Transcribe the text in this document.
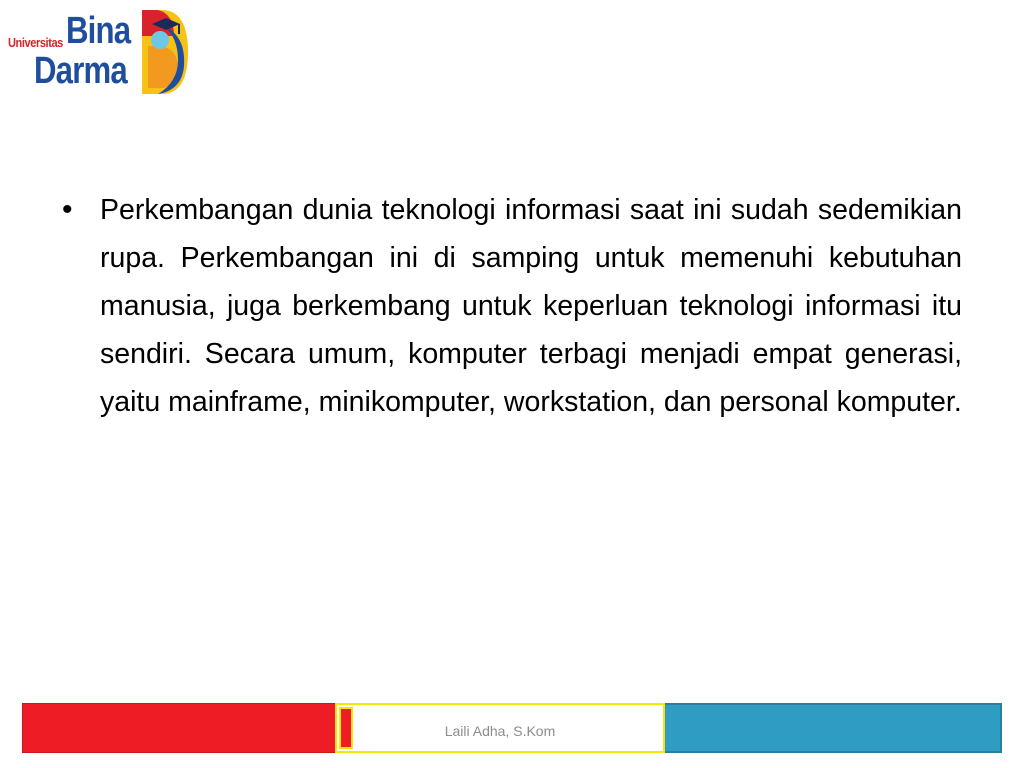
Universitas Bina
Darma
• Perkembangan dunia teknologi informasi saat ini sudah sedemikian rupa. Perkembangan ini di samping untuk memenuhi kebutuhan manusia, juga berkembang untuk keperluan teknologi informasi itu sendiri. Secara umum, komputer terbagi menjadi empat generasi, yaitu mainframe, minikomputer, workstation, dan personal komputer.

Laili Adha, S.Kom
